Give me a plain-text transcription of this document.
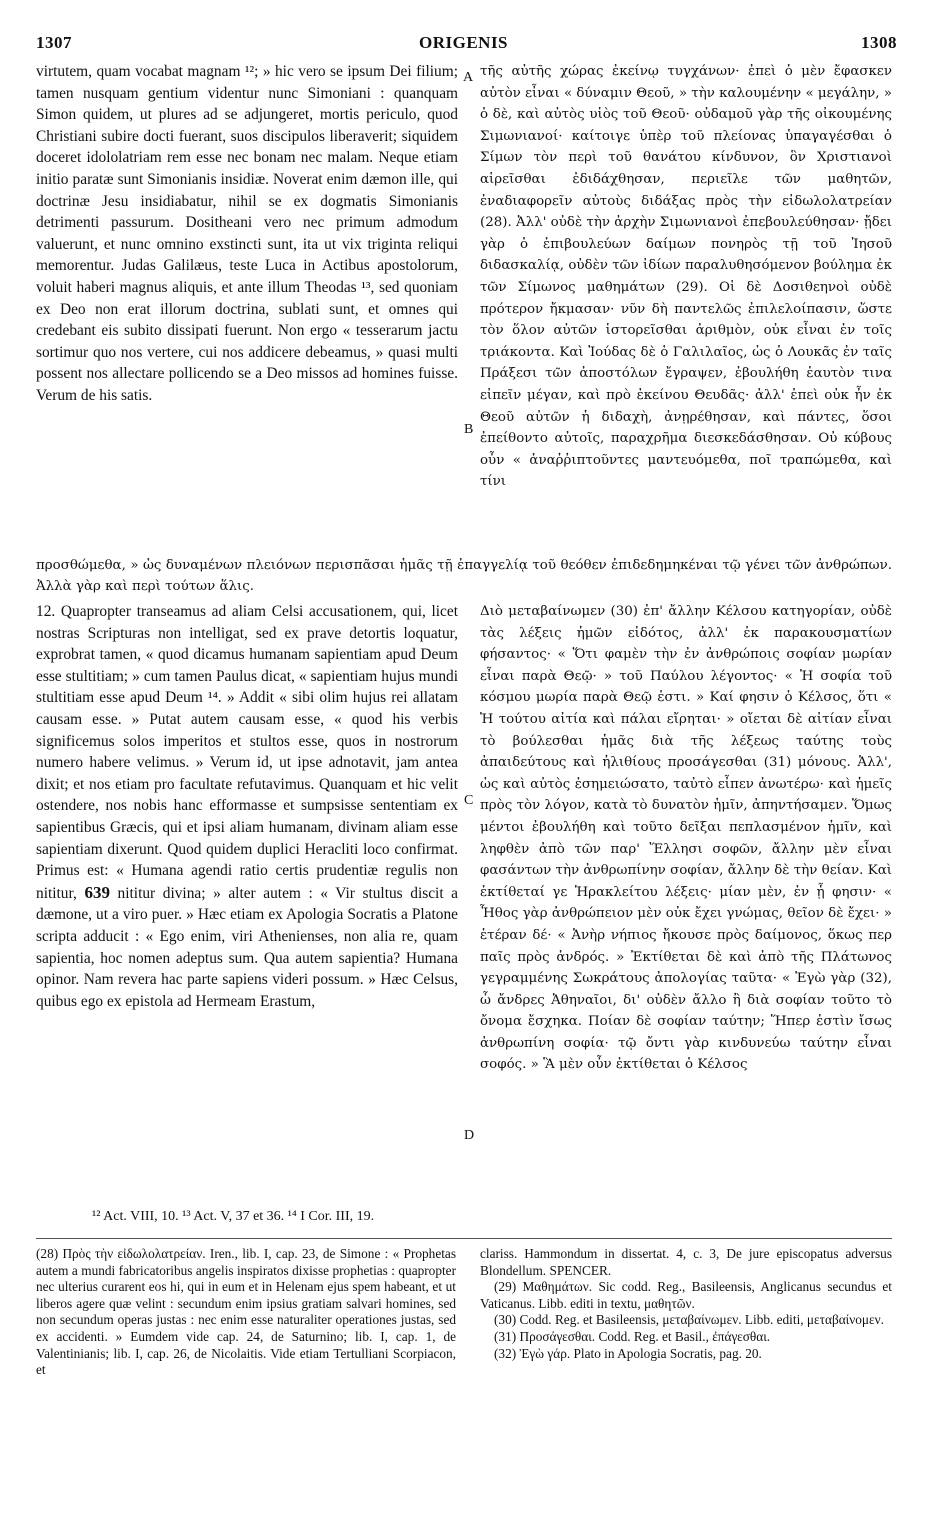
1307	ORIGENIS	1308

virtutem, quam vocabat magnam ¹²; » hic vero se ipsum Dei filium; tamen nusquam gentium videntur nunc Simoniani : quanquam Simon quidem, ut plures ad se adjungeret, mortis periculo, quod Christiani subire docti fuerant, suos discipulos liberaverit; siquidem doceret idololatriam rem esse nec bonam nec malam. Neque etiam initio paratæ sunt Simonianis insidiæ. Noverat enim dæmon ille, qui doctrinæ Jesu insidiabatur, nihil se ex dogmatis Simonianis detrimenti passurum. Dositheani vero nec primum admodum valuerunt, et nunc omnino exstincti sunt, ita ut vix triginta reliqui memorentur. Judas Galilæus, teste Luca in Actibus apostolorum, voluit haberi magnus aliquis, et ante illum Theodas ¹³, sed quoniam ex Deo non erat illorum doctrina, sublati sunt, et omnes qui credebant eis subito dissipati fuerunt. Non ergo « tesserarum jactu sortimur quo nos vertere, cui nos addicere debeamus, » quasi multi possent nos allectare pollicendo se a Deo missos ad homines fuisse. Verum de his satis.

τῆς αὐτῆς χώρας ἐκείνῳ τυγχάνων· ἐπεὶ ὁ μὲν ἔφασκεν αὐτὸν εἶναι « δύναμιν Θεοῦ, » τὴν καλουμένην « μεγάλην, » ὁ δὲ, καὶ αὐτὸς υἱὸς τοῦ Θεοῦ· οὐδαμοῦ γὰρ τῆς οἰκουμένης Σιμωνιανοί· καίτοιγε ὑπὲρ τοῦ πλείονας ὑπαγαγέσθαι ὁ Σίμων τὸν περὶ τοῦ θανάτου κίνδυνον, ὃν Χριστιανοὶ αἱρεῖσθαι ἐδιδάχθησαν, περιεῖλε τῶν μαθητῶν, ἐναδιαφορεῖν αὐτοὺς διδάξας πρὸς τὴν εἰδωλολατρείαν (28). Ἀλλ' οὐδὲ τὴν ἀρχὴν Σιμωνιανοὶ ἐπεβουλεύθησαν· ᾔδει γὰρ ὁ ἐπιβουλεύων δαίμων πονηρὸς τῇ τοῦ Ἰησοῦ διδασκαλίᾳ, οὐδὲν τῶν ἰδίων παραλυθησόμενον βούλημα ἐκ τῶν Σίμωνος μαθημάτων (29). Οἱ δὲ Δοσιθεηνοὶ οὐδὲ πρότερον ἤκμασαν· νῦν δὴ παντελῶς ἐπιλελοίπασιν, ὥστε τὸν ὅλον αὐτῶν ἱστορεῖσθαι ἀριθμὸν, οὐκ εἶναι ἐν τοῖς τριάκοντα. Καὶ Ἰούδας δὲ ὁ Γαλιλαῖος, ὡς ὁ Λουκᾶς ἐν ταῖς Πράξεσι τῶν ἀποστόλων ἔγραψεν, ἐβουλήθη ἑαυτὸν τινα εἰπεῖν μέγαν, καὶ πρὸ ἐκείνου Θευδᾶς· ἀλλ' ἐπεὶ οὐκ ἦν ἐκ Θεοῦ αὐτῶν ἡ διδαχὴ, ἀνῃρέθησαν, καὶ πάντες, ὅσοι ἐπείθοντο αὐτοῖς, παραχρῆμα διεσκεδάσθησαν. Οὐ κύβους οὖν « ἀναῤῥιπτοῦντες μαντευόμεθα, ποῖ τραπώμεθα, καὶ τίνι

A
B
C
D
προσθώμεθα, » ὡς δυναμένων πλειόνων περισπᾶσαι ἡμᾶς τῇ ἐπαγγελίᾳ τοῦ θεόθεν ἐπιδεδημηκέναι τῷ γένει τῶν ἀνθρώπων. Ἀλλὰ γὰρ καὶ περὶ τούτων ἅλις.

12. Quapropter transeamus ad aliam Celsi accusationem, qui, licet nostras Scripturas non intelligat, sed ex prave detortis loquatur, exprobrat tamen, « quod dicamus humanam sapientiam apud Deum esse stultitiam; » cum tamen Paulus dicat, « sapientiam hujus mundi stultitiam esse apud Deum ¹⁴. » Addit « sibi olim hujus rei allatam causam esse. » Putat autem causam esse, « quod his verbis significemus solos imperitos et stultos esse, quos in nostrorum numero habere velimus. » Verum id, ut ipse adnotavit, jam antea dixit; et nos etiam pro facultate refutavimus. Quanquam et hic velit ostendere, nos nobis hanc efformasse et sumpsisse sententiam ex sapientibus Græcis, qui et ipsi aliam humanam, divinam aliam esse sapientiam dixerunt. Quod quidem duplici Heracliti loco confirmat. Primus est: « Humana agendi ratio certis prudentiæ regulis non nititur, 639 nititur divina; » alter autem : « Vir stultus discit a dæmone, ut a viro puer. » Hæc etiam ex Apologia Socratis a Platone scripta adducit : « Ego enim, viri Athenienses, non alia re, quam sapientia, hoc nomen adeptus sum. Qua autem sapientia? Humana opinor. Nam revera hac parte sapiens videri possum. » Hæc Celsus, quibus ego ex epistola ad Hermeam Erastum,

Διὸ μεταβαίνωμεν (30) ἐπ' ἄλλην Κέλσου κατηγορίαν, οὐδὲ τὰς λέξεις ἡμῶν εἰδότος, ἀλλ' ἐκ παρακουσματίων φήσαντος· « Ὅτι φαμὲν τὴν ἐν ἀνθρώποις σοφίαν μωρίαν εἶναι παρὰ Θεῷ· » τοῦ Παύλου λέγοντος· « Ἡ σοφία τοῦ κόσμου μωρία παρὰ Θεῷ ἐστι. » Καί φησιν ὁ Κέλσος, ὅτι « Ἡ τούτου αἰτία καὶ πάλαι εἴρηται· » οἴεται δὲ αἰτίαν εἶναι τὸ βούλεσθαι ἡμᾶς διὰ τῆς λέξεως ταύτης τοὺς ἀπαιδεύτους καὶ ἠλιθίους προσάγεσθαι (31) μόνους. Ἀλλ', ὡς καὶ αὐτὸς ἐσημειώσατο, ταὐτὸ εἶπεν ἀνωτέρω· καὶ ἡμεῖς πρὸς τὸν λόγον, κατὰ τὸ δυνατὸν ἡμῖν, ἀπηντήσαμεν. Ὅμως μέντοι ἐβουλήθη καὶ τοῦτο δεῖξαι πεπλασμένον ἡμῖν, καὶ ληφθὲν ἀπὸ τῶν παρ' Ἕλλησι σοφῶν, ἄλλην μὲν εἶναι φασάντων τὴν ἀνθρωπίνην σοφίαν, ἄλλην δὲ τὴν θείαν. Καὶ ἐκτίθεταί γε Ἡρακλείτου λέξεις· μίαν μὲν, ἐν ᾗ φησιν· « Ἦθος γὰρ ἀνθρώπειον μὲν οὐκ ἔχει γνώμας, θεῖον δὲ ἔχει· » ἑτέραν δέ· « Ἀνὴρ νήπιος ἤκουσε πρὸς δαίμονος, ὅκως περ παῖς πρὸς ἀνδρός. » Ἐκτίθεται δὲ καὶ ἀπὸ τῆς Πλάτωνος γεγραμμένης Σωκράτους ἀπολογίας ταῦτα· « Ἐγὼ γὰρ (32), ὦ ἄνδρες Ἀθηναῖοι, δι' οὐδὲν ἄλλο ἢ διὰ σοφίαν τοῦτο τὸ ὄνομα ἔσχηκα. Ποίαν δὲ σοφίαν ταύτην; Ἥπερ ἐστὶν ἴσως ἀνθρωπίνη σοφία· τῷ ὄντι γὰρ κινδυνεύω ταύτην εἶναι σοφός. » Ἃ μὲν οὖν ἐκτίθεται ὁ Κέλσος

¹² Act. VIII, 10. ¹³ Act. V, 37 et 36. ¹⁴ I Cor. III, 19.

(28) Πρὸς τὴν εἰδωλολατρείαν. Iren., lib. I, cap. 23, de Simone : « Prophetas autem a mundi fabricatoribus angelis inspiratos dixisse prophetias : quapropter nec ulterius curarent eos hi, qui in eum et in Helenam ejus spem habeant, et ut liberos agere quæ velint : secundum enim ipsius gratiam salvari homines, sed non secundum operas justas : nec enim esse naturaliter operationes justas, sed ex accidenti. » Eumdem vide cap. 24, de Saturnino; lib. I, cap. 1, de Valentinianis; lib. I, cap. 26, de Nicolaitis. Vide etiam Tertulliani Scorpiacon, et

clariss. Hammondum in dissertat. 4, c. 3, De jure episcopatus adversus Blondellum. SPENCER.

(29) Μαθημάτων. Sic codd. Reg., Basileensis, Anglicanus secundus et Vaticanus. Libb. editi in textu, μαθητῶν.

(30) Codd. Reg. et Basileensis, μεταβαίνωμεν. Libb. editi, μεταβαίνομεν.

(31) Προσάγεσθαι. Codd. Reg. et Basil., ἐπάγεσθαι.

(32) Ἐγὼ γάρ. Plato in Apologia Socratis, pag. 20.
